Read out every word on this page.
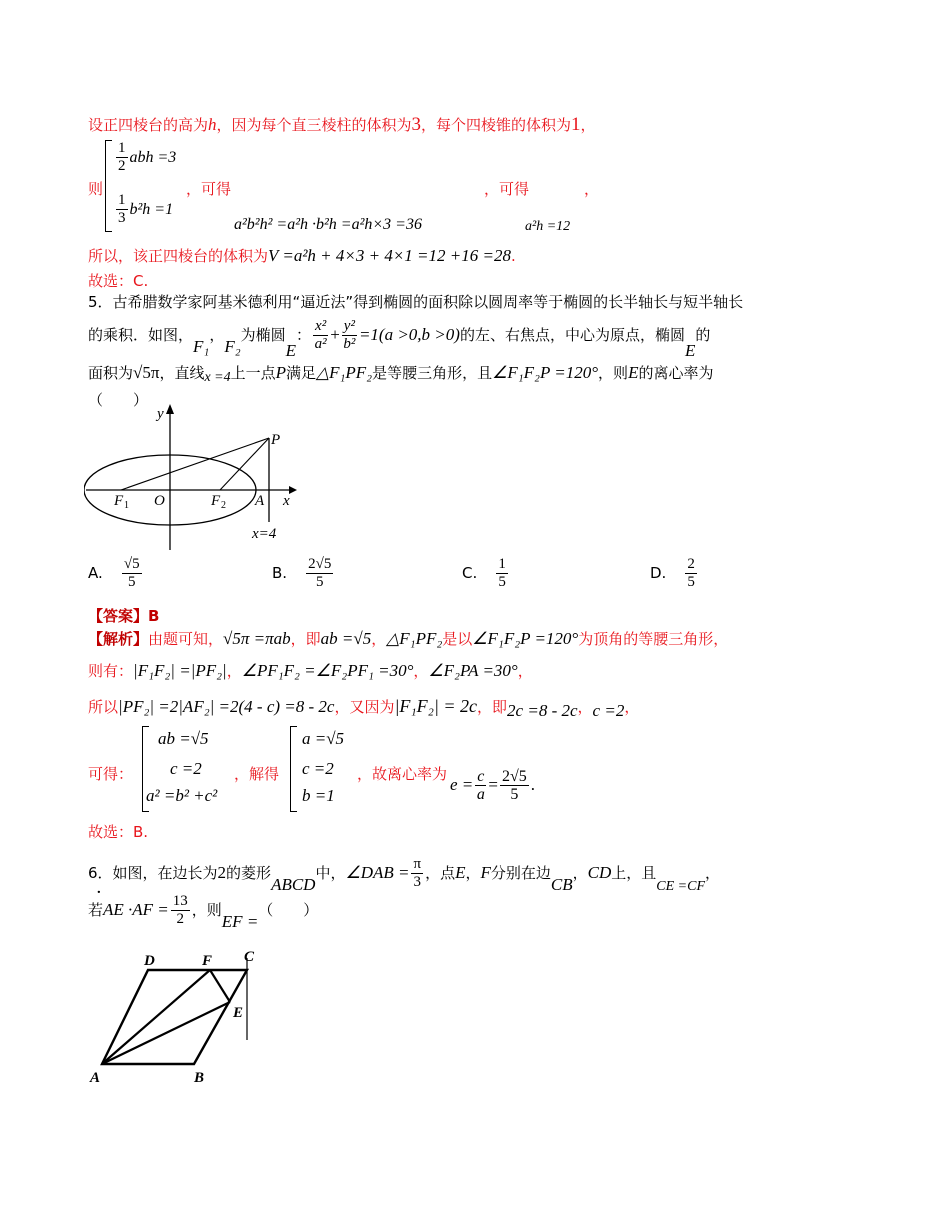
设正四棱台的高为h，因为每个直三棱柱的体积为3，每个四棱锥的体积为1，
$\frac{1}{2}$ abh =3
$\frac{1}{3} b^2h =1$
则	，可得	，可得	，
a²b²h² =a²h ·b²h =a²h×3 =36	a²h =12
所以，该正四棱台的体积为V =a²h + 4×3 + 4×1 =12 +16 =28.
故选：C.
5．古希腊数学家阿基米德利用“逼近法”得到椭圆的面积除以圆周率等于椭圆的长半轴长与短半轴长
的乘积．如图，F₁，F₂为椭圆E： $\frac{\text{x²}}{\text{a²}} + \frac{\text{y²}}{\text{b²}} =1(a >0,b >0)$的左、右焦点，中心为原点，椭圆E的
面积为√5π，直线x =4上一点P满足△F₁PF₂是等腰三角形，且∠F₁F₂P =120°，则E的离心率为
（　　）
y
P
F 1 O	F 2 A x
x=4
A. $\frac{√5}{5}$	B. $\frac{2√5}{5}$	C. $\frac{1}{5}$	D. $\frac{2}{5}$
【答案】B
【解析】由题可知，√5π =πab，即ab =√5，△F₁PF₂是以∠F₁F₂P =120°为顶角的等腰三角形，
则有：|F₁F₂| =|PF₂|，∠PF₁F₂ =∠F₂PF₁ =30°，∠F₂PA =30°，
所以|PF₂| =2|AF₂| =2(4 - c) =8 - 2c，又因为|F₁F₂| = 2c，即2c =8 - 2c，c =2，
可得：
ab =√5
c =2
a² =b² +c²
，解得
a =√5
c =2
b =1
，故离心率为
$e = \frac{c}{a} = \frac{2√5}{5}$ .
故选：B.
6．如图，在边长为2的菱形ABCD中，∠DAB = $\frac{\pi}{3}$ ，点E，F分别在边CB，CD上，且CE =CF，
·
若AE $\cdot AF = \frac{13}{2}$ ，则EF =（　　）
D	F C
E
A	B
